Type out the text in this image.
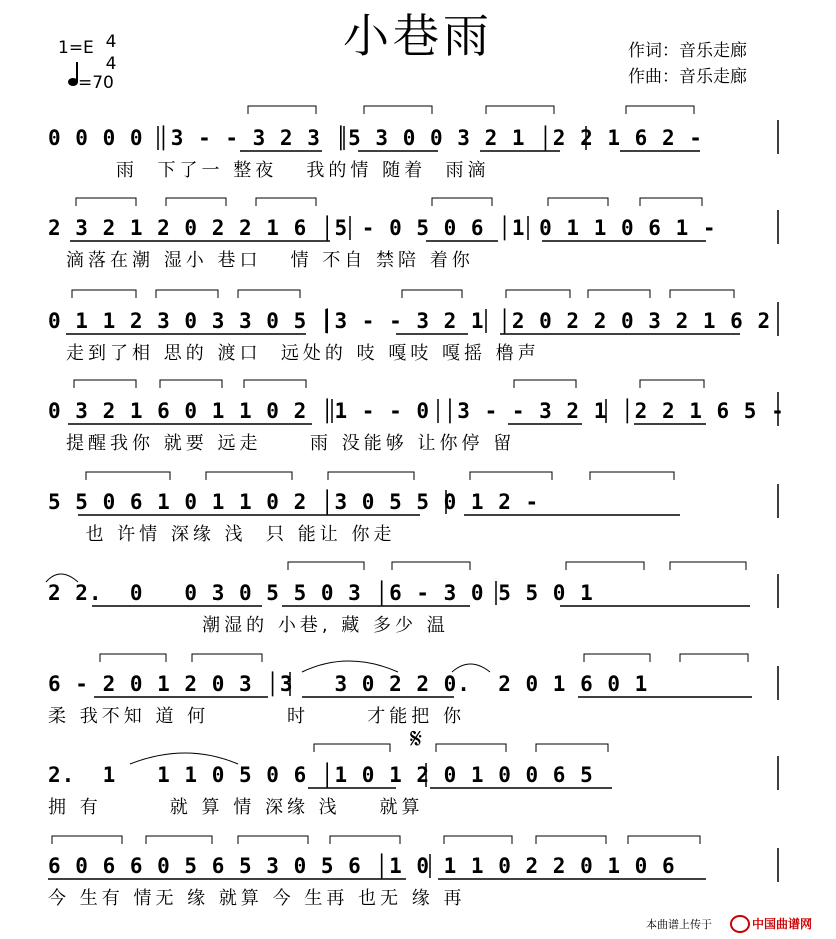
小巷雨	作词：音乐走廊
作曲：音乐走廊
1=E 4
4
=70
0 0 0 0 │3 - - 3 2 3 │5 3 0 0 3 2 1 │2 2 1 6 2 -
雨  下了一 整夜   我的情 随着  雨滴
2 3 2 1 2 0 2 2 1 6 │5 - 0 5 0 6 │1 0 1 1 0 6 1 -
滴落在潮 湿小 巷口   情 不自 禁陪 着你
0 1 1 2 3 0 3 3 0 5 │3 - - 3 2 1 │2 0 2 2 0 3 2 1 6 2
走到了相 思的 渡口  远处的 吱 嘎吱 嘎摇 橹声
0 3 2 1 6 0 1 1 0 2 │1 - - 0 │3 - - 3 2 1 │2 2 1 6 5 -
提醒我你 就要 远走     雨 没能够 让你停 留
5 5 0 6 1 0 1 1 0 2 │3 0 5 5 0 1 2 -
也 许情 深缘 浅  只 能让 你走
2 2.  0   0 3 0 5 5 0 3 │6 - 3 0 5 5 0 1
潮湿的 小巷, 藏 多少 温
6 - 2 0 1 2 0 3 │3   3 0 2 2 0.  2 0 1 6 0 1
柔 我不知 道 何        时      才能把 你
𝄋
2.  1   1 1 0 5 0 6 │1 0 1 2 0 1 0 0 6 5
拥 有       就 算 情 深缘 浅    就算
6 0 6 6 0 5 6 5 3 0 5 6 │1 0 1 1 0 2 2 0 1 0 6
今 生有 情无 缘 就算 今 生再 也无 缘 再
本曲谱上传于	中国曲谱网
